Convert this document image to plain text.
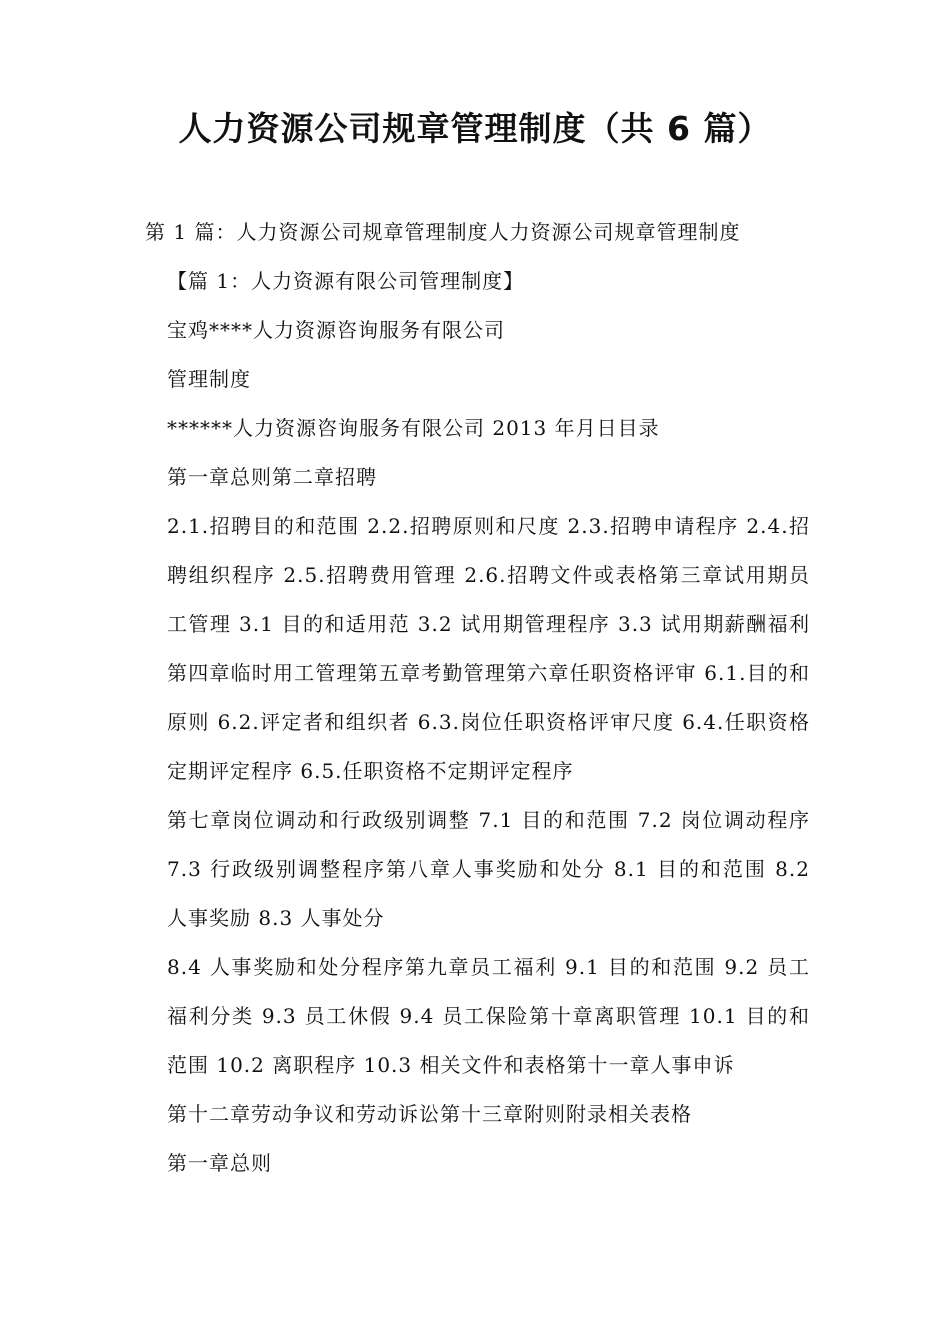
人力资源公司规章管理制度（共 6 篇）

第 1 篇：人力资源公司规章管理制度人力资源公司规章管理制度

【篇 1：人力资源有限公司管理制度】

宝鸡****人力资源咨询服务有限公司

管理制度

******人力资源咨询服务有限公司 2013 年月日目录

第一章总则第二章招聘

2.1.招聘目的和范围 2.2.招聘原则和尺度 2.3.招聘申请程序 2.4.招聘组织程序 2.5.招聘费用管理 2.6.招聘文件或表格第三章试用期员工管理 3.1 目的和适用范 3.2 试用期管理程序 3.3 试用期薪酬福利第四章临时用工管理第五章考勤管理第六章任职资格评审 6.1.目的和原则 6.2.评定者和组织者 6.3.岗位任职资格评审尺度 6.4.任职资格定期评定程序 6.5.任职资格不定期评定程序

第七章岗位调动和行政级别调整 7.1 目的和范围 7.2 岗位调动程序 7.3 行政级别调整程序第八章人事奖励和处分 8.1 目的和范围 8.2 人事奖励 8.3 人事处分

8.4 人事奖励和处分程序第九章员工福利 9.1 目的和范围 9.2 员工福利分类 9.3 员工休假 9.4 员工保险第十章离职管理 10.1 目的和范围 10.2 离职程序 10.3 相关文件和表格第十一章人事申诉

第十二章劳动争议和劳动诉讼第十三章附则附录相关表格

第一章总则
